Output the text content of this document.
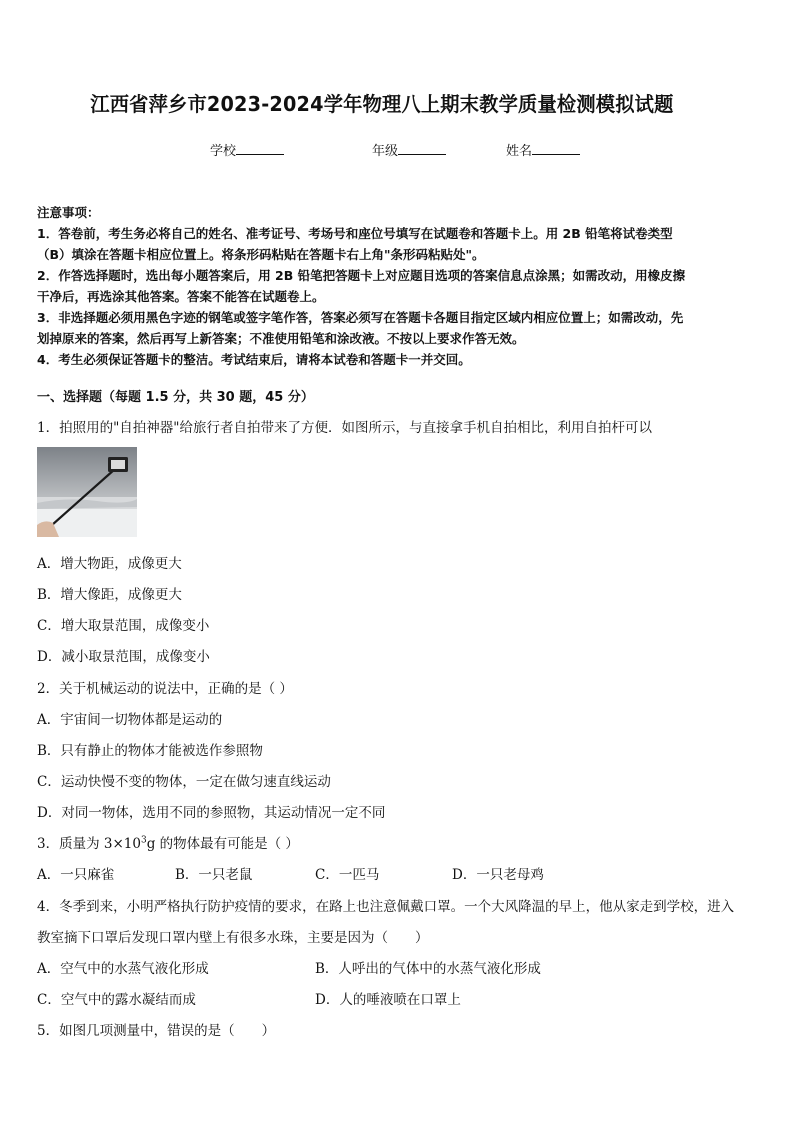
江西省萍乡市2023-2024学年物理八上期末教学质量检测模拟试题
学校	年级	姓名
注意事项：
1．答卷前，考生务必将自己的姓名、准考证号、考场号和座位号填写在试题卷和答题卡上。用 2B 铅笔将试卷类型
（B）填涂在答题卡相应位置上。将条形码粘贴在答题卡右上角"条形码粘贴处"。
2．作答选择题时，选出每小题答案后，用 2B 铅笔把答题卡上对应题目选项的答案信息点涂黑；如需改动，用橡皮擦
干净后，再选涂其他答案。答案不能答在试题卷上。
3．非选择题必须用黑色字迹的钢笔或签字笔作答，答案必须写在答题卡各题目指定区域内相应位置上；如需改动，先
划掉原来的答案，然后再写上新答案；不准使用铅笔和涂改液。不按以上要求作答无效。
4．考生必须保证答题卡的整洁。考试结束后，请将本试卷和答题卡一并交回。
一、选择题（每题 1.5 分，共 30 题，45 分）
1．拍照用的"自拍神器"给旅行者自拍带来了方便．如图所示，与直接拿手机自拍相比，利用自拍杆可以
A．增大物距，成像更大
B．增大像距，成像更大
C．增大取景范围，成像变小
D．减小取景范围，成像变小
2．关于机械运动的说法中，正确的是（ ）
A．宇宙间一切物体都是运动的
B．只有静止的物体才能被选作参照物
C．运动快慢不变的物体，一定在做匀速直线运动
D．对同一物体，选用不同的参照物，其运动情况一定不同
3．质量为 $3\times 10^3g$ 的物体最有可能是（ ）
A．一只麻雀	B．一只老鼠	C．一匹马	D．一只老母鸡
4．冬季到来，小明严格执行防护疫情的要求，在路上也注意佩戴口罩。一个大风降温的早上，他从家走到学校，进入
教室摘下口罩后发现口罩内壁上有很多水珠，主要是因为（　　）
A．空气中的水蒸气液化形成	B．人呼出的气体中的水蒸气液化形成
C．空气中的露水凝结而成	D．人的唾液喷在口罩上
5．如图几项测量中，错误的是（　　）
